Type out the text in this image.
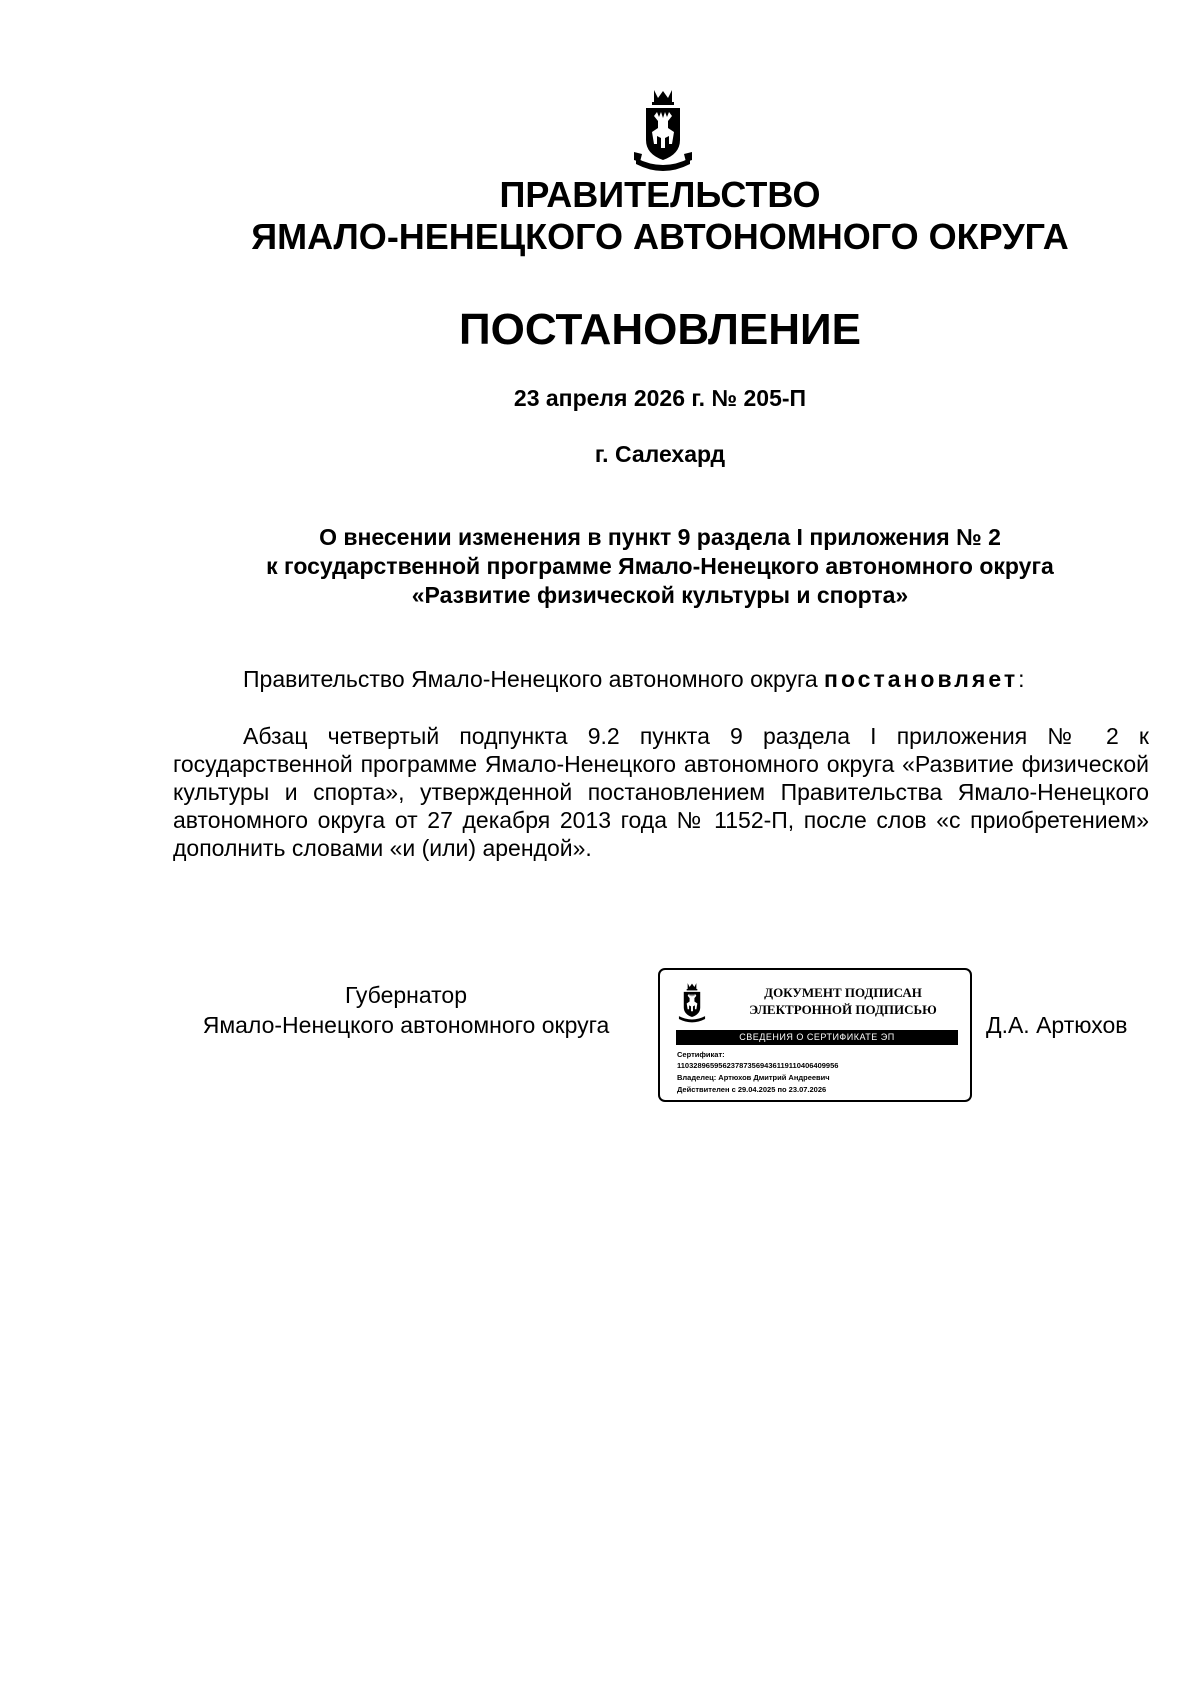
ПРАВИТЕЛЬСТВО
ЯМАЛО-НЕНЕЦКОГО АВТОНОМНОГО ОКРУГА
ПОСТАНОВЛЕНИЕ
23 апреля 2026 г. № 205-П
г. Салехард
О внесении изменения в пункт 9 раздела I приложения № 2
к государственной программе Ямало-Ненецкого автономного округа
«Развитие физической культуры и спорта»
Правительство Ямало-Ненецкого автономного округа постановляет:
Абзац четвертый подпункта 9.2 пункта 9 раздела I приложения № 2 к государственной программе Ямало-Ненецкого автономного округа «Развитие физической культуры и спорта», утвержденной постановлением Правительства Ямало-Ненецкого автономного округа от 27 декабря 2013 года № 1152-П, после слов «с приобретением» дополнить словами «и (или) арендой».
Губернатор
Ямало-Ненецкого автономного округа
ДОКУМЕНТ ПОДПИСАН
ЭЛЕКТРОННОЙ ПОДПИСЬЮ
СВЕДЕНИЯ О СЕРТИФИКАТЕ ЭП
Сертификат:
110328965956237873569436119110406409956
Владелец: Артюхов Дмитрий Андреевич
Действителен с 29.04.2025 по 23.07.2026
Д.А. Артюхов
